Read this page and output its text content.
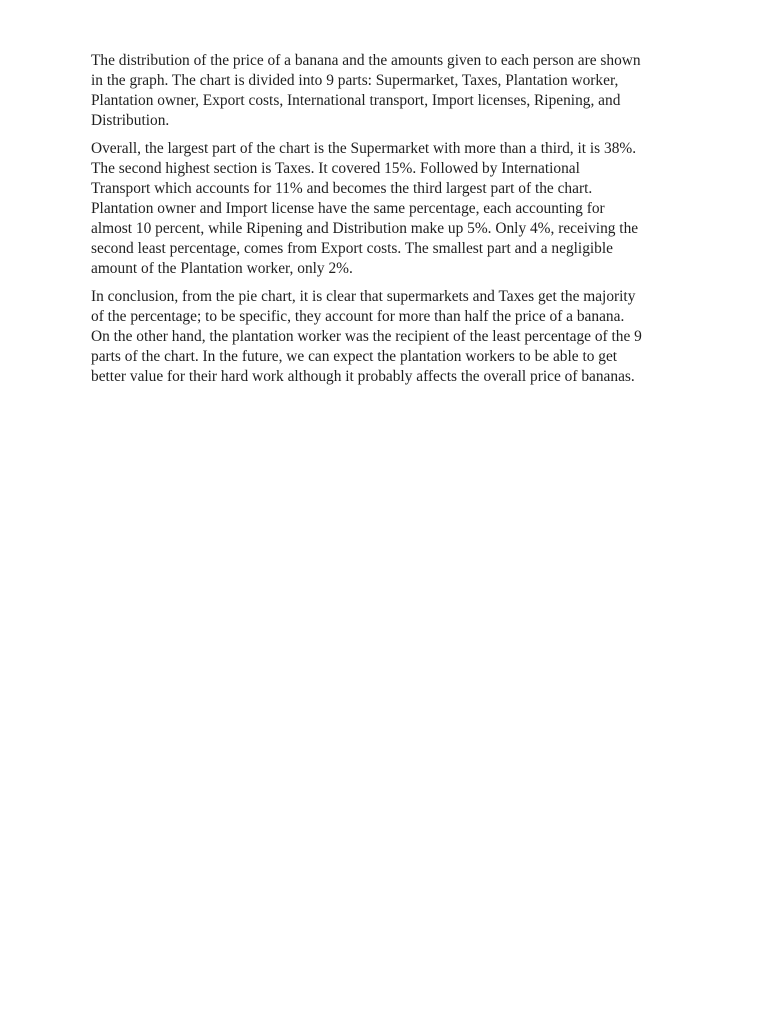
The distribution of the price of a banana and the amounts given to each person are shown
in the graph. The chart is divided into 9 parts: Supermarket, Taxes, Plantation worker,
Plantation owner, Export costs, International transport, Import licenses, Ripening, and
Distribution.

Overall, the largest part of the chart is the Supermarket with more than a third, it is 38%.
The second highest section is Taxes. It covered 15%. Followed by International
Transport which accounts for 11% and becomes the third largest part of the chart.
Plantation owner and Import license have the same percentage, each accounting for
almost 10 percent, while Ripening and Distribution make up 5%. Only 4%, receiving the
second least percentage, comes from Export costs. The smallest part and a negligible
amount of the Plantation worker, only 2%.

In conclusion, from the pie chart, it is clear that supermarkets and Taxes get the majority
of the percentage; to be specific, they account for more than half the price of a banana.
On the other hand, the plantation worker was the recipient of the least percentage of the 9
parts of the chart. In the future, we can expect the plantation workers to be able to get
better value for their hard work although it probably affects the overall price of bananas.
